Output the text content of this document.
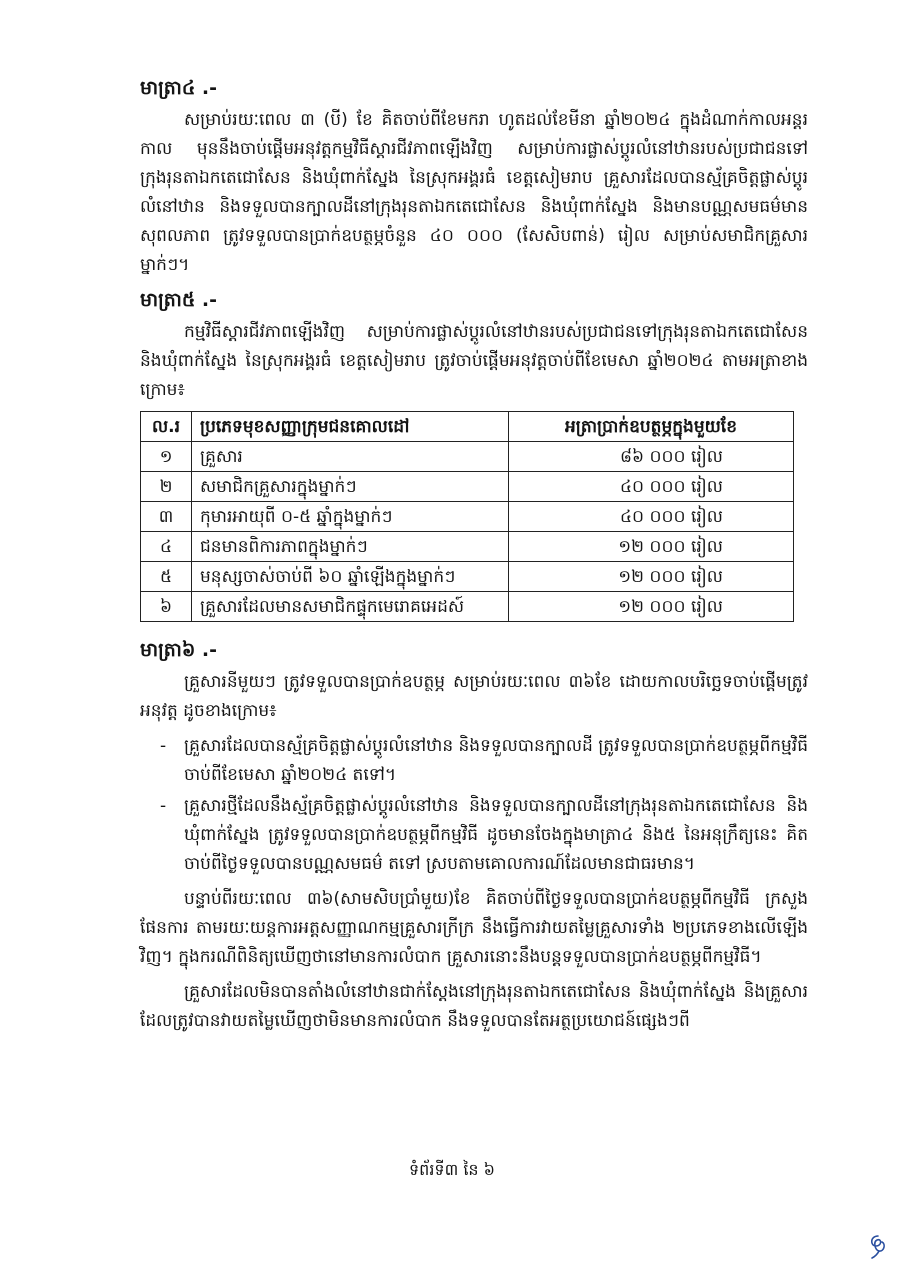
មាត្រា៤ .-

សម្រាប់រយៈពេល ៣ (បី) ខែ គិតចាប់ពីខែមករា ហូតដល់ខែមីនា ឆ្នាំ២០២៤ ក្នុងដំណាក់កាលអន្តរកាល មុននឹងចាប់ផ្តើមអនុវត្តកម្មវិធីស្តារជីវភាពឡើងវិញ សម្រាប់ការផ្លាស់ប្តូរលំនៅឋានរបស់ប្រជាជនទៅក្រុងរុនតាឯកតេជោសែន និងឃុំពាក់ស្នែង នៃស្រុកអង្គរធំ ខេត្តសៀមរាប គ្រួសារដែលបានស្ម័គ្រចិត្តផ្លាស់ប្តូរលំនៅឋាន និងទទួលបានក្បាលដីនៅក្រុងរុនតាឯកតេជោសែន និងឃុំពាក់ស្នែង និងមានបណ្ណសមធម៌មានសុពលភាព ត្រូវទទួលបានប្រាក់ឧបត្ថម្ភចំនួន ៤០ ០០០ (សែសិបពាន់) រៀល សម្រាប់សមាជិកគ្រួសារម្នាក់ៗ។

មាត្រា៥ .-

កម្មវិធីស្តារជីវភាពឡើងវិញ សម្រាប់ការផ្លាស់ប្តូរលំនៅឋានរបស់ប្រជាជនទៅក្រុងរុនតាឯកតេជោសែន និងឃុំពាក់ស្នែង នៃស្រុកអង្គរធំ ខេត្តសៀមរាប ត្រូវចាប់ផ្តើមអនុវត្តចាប់ពីខែមេសា ឆ្នាំ២០២៤ តាមអត្រាខាងក្រោម៖

ល.រ	ប្រភេទមុខសញ្ញាក្រុមជនគោលដៅ	អត្រាប្រាក់ឧបត្ថម្ភក្នុងមួយខែ
១	គ្រួសារ	៨៦ ០០០ រៀល
២	សមាជិកគ្រួសារក្នុងម្នាក់ៗ	៤០ ០០០ រៀល
៣	កុមារអាយុពី ០-៥ ឆ្នាំក្នុងម្នាក់ៗ	៤០ ០០០ រៀល
៤	ជនមានពិការភាពក្នុងម្នាក់ៗ	១២ ០០០ រៀល
៥	មនុស្សចាស់ចាប់ពី ៦០ ឆ្នាំឡើងក្នុងម្នាក់ៗ	១២ ០០០ រៀល
៦	គ្រួសារដែលមានសមាជិកផ្ទុកមេរោគអេដស៍	១២ ០០០ រៀល
មាត្រា៦ .-

គ្រួសារនីមួយៗ ត្រូវទទួលបានប្រាក់ឧបត្ថម្ភ សម្រាប់រយៈពេល ៣៦ខែ ដោយកាលបរិច្ឆេទចាប់ផ្តើមត្រូវអនុវត្ត ដូចខាងក្រោម៖

- គ្រួសារដែលបានស្ម័គ្រចិត្តផ្លាស់ប្តូរលំនៅឋាន និងទទួលបានក្បាលដី ត្រូវទទួលបានប្រាក់ឧបត្ថម្ភពីកម្មវិធី ចាប់ពីខែមេសា ឆ្នាំ២០២៤ តទៅ។
- គ្រួសារថ្មីដែលនឹងស្ម័គ្រចិត្តផ្លាស់ប្តូរលំនៅឋាន និងទទួលបានក្បាលដីនៅក្រុងរុនតាឯកតេជោសែន និងឃុំពាក់ស្នែង ត្រូវទទួលបានប្រាក់ឧបត្ថម្ភពីកម្មវិធី ដូចមានចែងក្នុងមាត្រា៤ និង៥ នៃអនុក្រឹត្យនេះ គិតចាប់ពីថ្ងៃទទួលបានបណ្ណសមធម៌ តទៅ ស្របតាមគោលការណ៍ដែលមានជាធរមាន។

បន្ទាប់ពីរយៈពេល ៣៦(សាមសិបប្រាំមួយ)ខែ គិតចាប់ពីថ្ងៃទទួលបានប្រាក់ឧបត្ថម្ភពីកម្មវិធី ក្រសួងផែនការ តាមរយៈយន្តការអត្តសញ្ញាណកម្មគ្រួសារក្រីក្រ នឹងធ្វើការវាយតម្លៃគ្រួសារទាំង ២ប្រភេទខាងលើឡើងវិញ។ ក្នុងករណីពិនិត្យឃើញថានៅមានការលំបាក គ្រួសារនោះនឹងបន្តទទួលបានប្រាក់ឧបត្ថម្ភពីកម្មវិធី។

គ្រួសារដែលមិនបានតាំងលំនៅឋានជាក់ស្តែងនៅក្រុងរុនតាឯកតេជោសែន និងឃុំពាក់ស្នែង និងគ្រួសារដែលត្រូវបានវាយតម្លៃឃើញថាមិនមានការលំបាក នឹងទទួលបានតែអត្ថប្រយោជន៍ផ្សេងៗពី

ទំព័រទី៣ នៃ ៦
